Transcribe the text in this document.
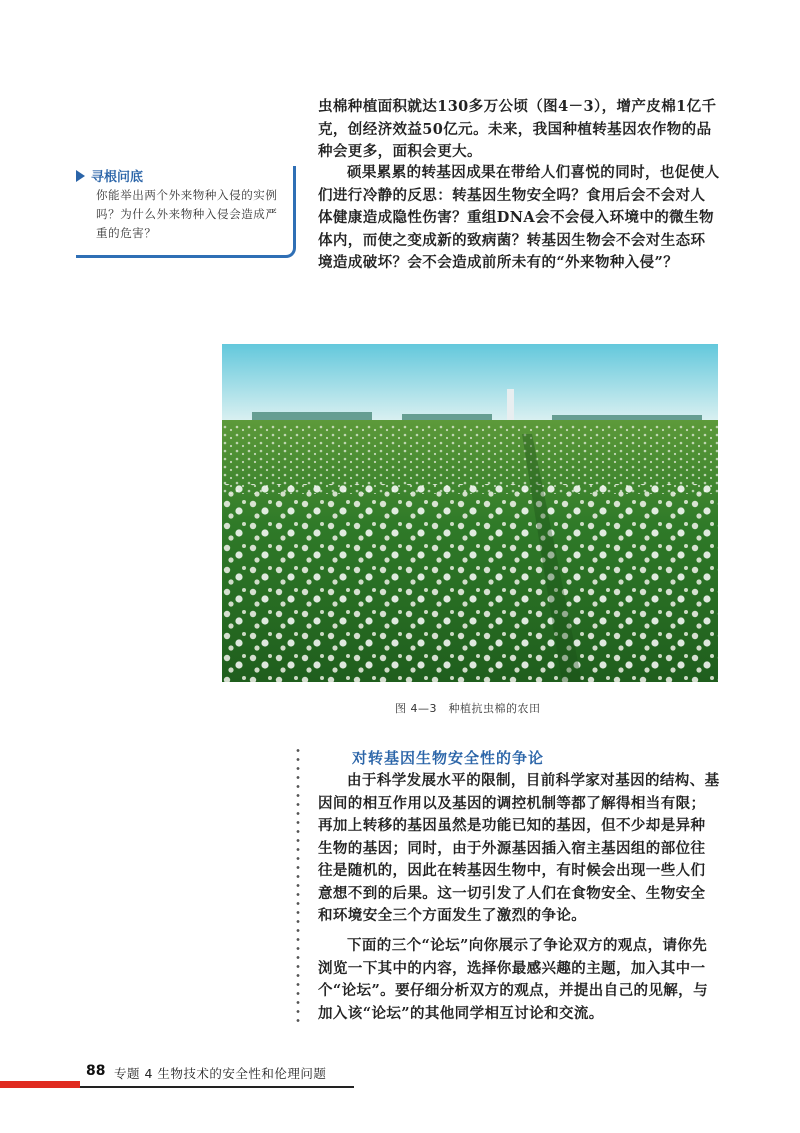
虫棉种植面积就达130多万公顷（图4－3），增产皮棉1亿千克，创经济效益50亿元。未来，我国种植转基因农作物的品种会更多，面积会更大。

硕果累累的转基因成果在带给人们喜悦的同时，也促使人们进行冷静的反思：转基因生物安全吗？食用后会不会对人体健康造成隐性伤害？重组DNA会不会侵入环境中的微生物体内，而使之变成新的致病菌？转基因生物会不会对生态环境造成破坏？会不会造成前所未有的“外来物种入侵”？

寻根问底
你能举出两个外来物种入侵的实例吗？为什么外来物种入侵会造成严重的危害？
图 4—3　种植抗虫棉的农田
对转基因生物安全性的争论

由于科学发展水平的限制，目前科学家对基因的结构、基因间的相互作用以及基因的调控机制等都了解得相当有限；再加上转移的基因虽然是功能已知的基因，但不少却是异种生物的基因；同时，由于外源基因插入宿主基因组的部位往往是随机的，因此在转基因生物中，有时候会出现一些人们意想不到的后果。这一切引发了人们在食物安全、生物安全和环境安全三个方面发生了激烈的争论。

下面的三个“论坛”向你展示了争论双方的观点，请你先浏览一下其中的内容，选择你最感兴趣的主题，加入其中一个“论坛”。要仔细分析双方的观点，并提出自己的见解，与加入该“论坛”的其他同学相互讨论和交流。

88 专题 4 生物技术的安全性和伦理问题
